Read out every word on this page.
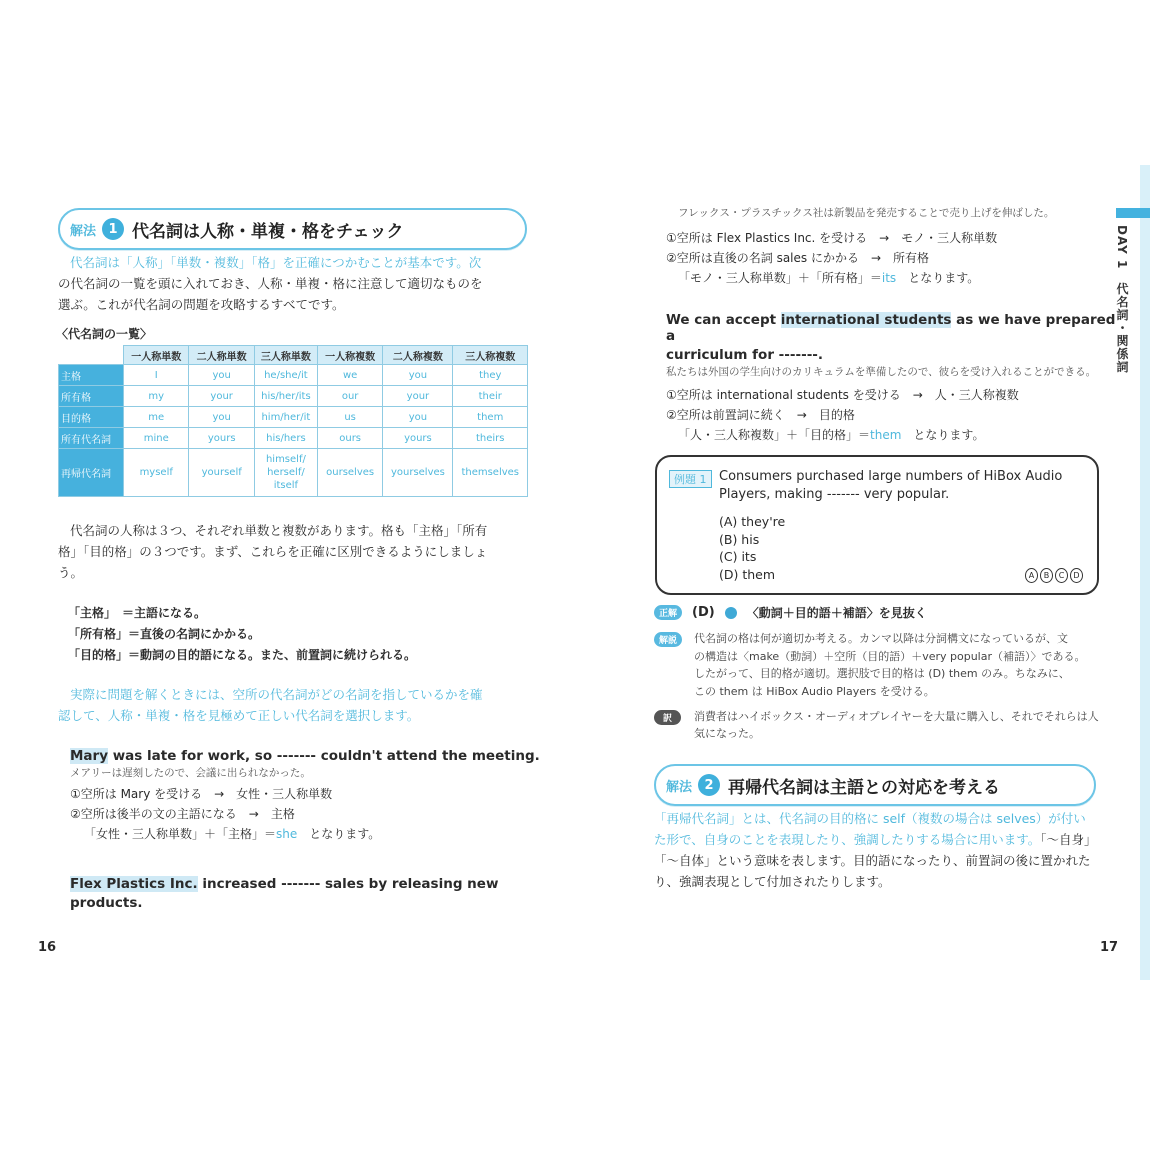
解法 1 代名詞は人称・単複・格をチェック
代名詞は「人称」「単数・複数」「格」を正確につかむことが基本です。次
の代名詞の一覧を頭に入れておき、人称・単複・格に注意して適切なものを
選ぶ。これが代名詞の問題を攻略するすべてです。
〈代名詞の一覧〉
	一人称単数	二人称単数	三人称単数	一人称複数	二人称複数	三人称複数
主格	I	you	he/she/it	we	you	they
所有格	my	your	his/her/its	our	your	their
目的格	me	you	him/her/it	us	you	them
所有代名詞	mine	yours	his/hers	ours	yours	theirs
再帰代名詞	myself	yourself	himself/ herself/ itself	ourselves	yourselves	themselves
代名詞の人称は３つ、それぞれ単数と複数があります。格も「主格」「所有
格」「目的格」の３つです。まず、これらを正確に区別できるようにしましょ
う。
「主格」　＝主語になる。
「所有格」＝直後の名詞にかかる。
「目的格」＝動詞の目的語になる。また、前置詞に続けられる。
実際に問題を解くときには、空所の代名詞がどの名詞を指しているかを確
認して、人称・単複・格を見極めて正しい代名詞を選択します。
Mary was late for work, so ------- couldn't attend the meeting.
メアリーは遅刻したので、会議に出られなかった。
①空所は Mary を受ける　→　女性・三人称単数
②空所は後半の文の主語になる　→　主格
「女性・三人称単数」＋「主格」＝she　となります。
Flex Plastics Inc. increased ------- sales by releasing new
products.
16
フレックス・プラスチックス社は新製品を発売することで売り上げを伸ばした。
①空所は Flex Plastics Inc. を受ける　→　モノ・三人称単数
②空所は直後の名詞 sales にかかる　→　所有格
「モノ・三人称単数」＋「所有格」＝its　となります。
We can accept international students as we have prepared a
curriculum for -------.
私たちは外国の学生向けのカリキュラムを準備したので、彼らを受け入れることができる。
①空所は international students を受ける　→　人・三人称複数
②空所は前置詞に続く　→　目的格
「人・三人称複数」＋「目的格」＝them　となります。
例題 1 Consumers purchased large numbers of HiBox Audio
Players, making ------- very popular.
(A) they're
(B) his
(C) its
(D) them	A	B	C	D
正解	(D)	〈動詞＋目的語＋補語〉を見抜く
解説	代名詞の格は何が適切か考える。カンマ以降は分詞構文になっているが、文
の構造は〈make（動詞）＋空所（目的語）＋very popular（補語）〉である。
したがって、目的格が適切。選択肢で目的格は (D) them のみ。ちなみに、
この them は HiBox Audio Players を受ける。
訳	消費者はハイボックス・オーディオプレイヤーを大量に購入し、それでそれらは人
気になった。
解法 2 再帰代名詞は主語との対応を考える
「再帰代名詞」とは、代名詞の目的格に self（複数の場合は selves）が付い
た形で、自身のことを表現したり、強調したりする場合に用います。「〜自身」
「〜自体」という意味を表します。目的語になったり、前置詞の後に置かれた
り、強調表現として付加されたりします。
17
DAY 1　代名詞・関係詞
